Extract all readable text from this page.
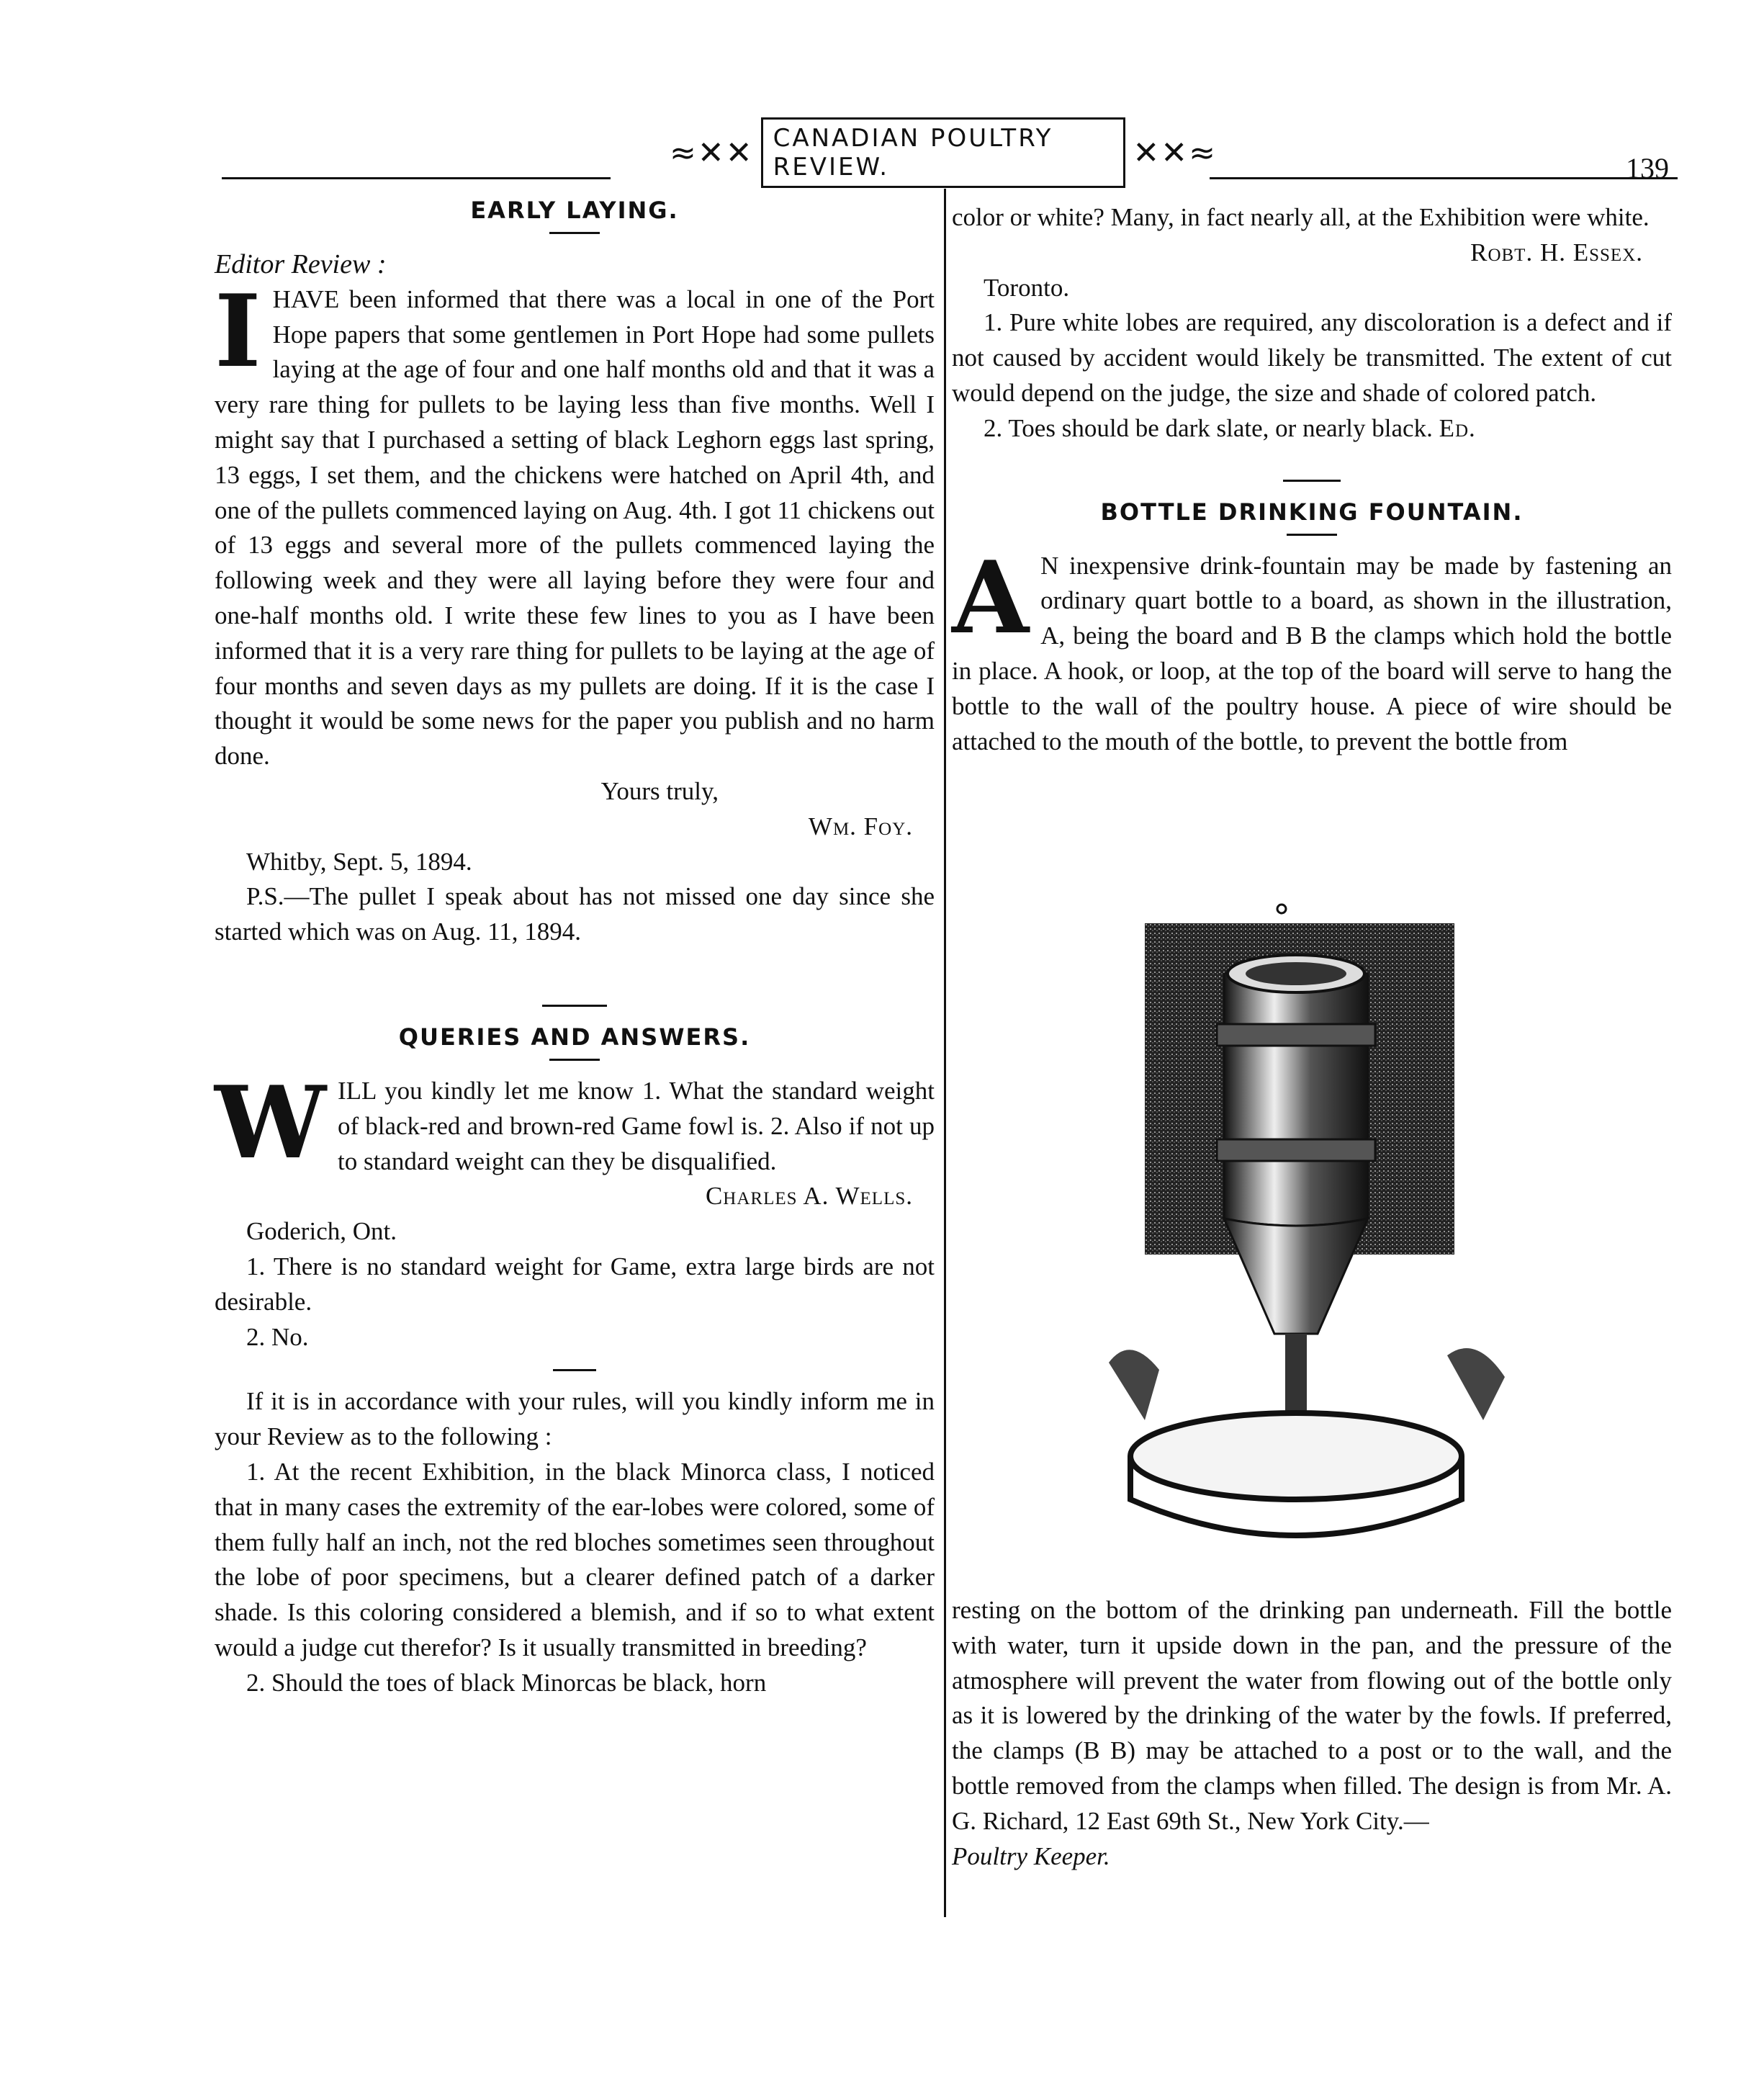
≈✕✕ CANADIAN POULTRY REVIEW.	✕✕≈	139

EARLY LAYING.

Editor Review :

I HAVE been informed that there was a local in one of the Port Hope papers that some gentlemen in Port Hope had some pullets laying at the age of four and one half months old and that it was a very rare thing for pullets to be laying less than five months. Well I might say that I purchased a setting of black Leghorn eggs last spring, 13 eggs, I set them, and the chickens were hatched on April 4th, and one of the pullets commenced laying on Aug. 4th. I got 11 chickens out of 13 eggs and several more of the pullets commenced laying the following week and they were all laying before they were four and one-half months old. I write these few lines to you as I have been informed that it is a very rare thing for pullets to be laying at the age of four months and seven days as my pullets are doing. If it is the case I thought it would be some news for the paper you publish and no harm done.

Yours truly,

Wm. Foy.

Whitby, Sept. 5, 1894.

P.S.—The pullet I speak about has not missed one day since she started which was on Aug. 11, 1894.

QUERIES AND ANSWERS.

WILL you kindly let me know 1. What the standard weight of black-red and brown-red Game fowl is. 2. Also if not up to standard weight can they be disqualified.

Charles A. Wells.

Goderich, Ont.

1. There is no standard weight for Game, extra large birds are not desirable.

2. No.

If it is in accordance with your rules, will you kindly inform me in your Review as to the following :

1. At the recent Exhibition, in the black Minorca class, I noticed that in many cases the extremity of the ear-lobes were colored, some of them fully half an inch, not the red bloches sometimes seen throughout the lobe of poor specimens, but a clearer defined patch of a darker shade. Is this coloring considered a blemish, and if so to what extent would a judge cut therefor? Is it usually transmitted in breeding?

2. Should the toes of black Minorcas be black, horn

color or white? Many, in fact nearly all, at the Exhibition were white.

Robt. H. Essex.

Toronto.

1. Pure white lobes are required, any discoloration is a defect and if not caused by accident would likely be transmitted. The extent of cut would depend on the judge, the size and shade of colored patch.

2. Toes should be dark slate, or nearly black. Ed.

BOTTLE DRINKING FOUNTAIN.

A N inexpensive drink-fountain may be made by fastening an ordinary quart bottle to a board, as shown in the illustration, A, being the board and B B the clamps which hold the bottle in place. A hook, or loop, at the top of the board will serve to hang the bottle to the wall of the poultry house. A piece of wire should be attached to the mouth of the bottle, to prevent the bottle from

resting on the bottom of the drinking pan underneath. Fill the bottle with water, turn it upside down in the pan, and the pressure of the atmosphere will prevent the water from flowing out of the bottle only as it is lowered by the drinking of the water by the fowls. If preferred, the clamps (B B) may be attached to a post or to the wall, and the bottle removed from the clamps when filled. The design is from Mr. A. G. Richard, 12 East 69th St., New York City.—
Poultry Keeper.
